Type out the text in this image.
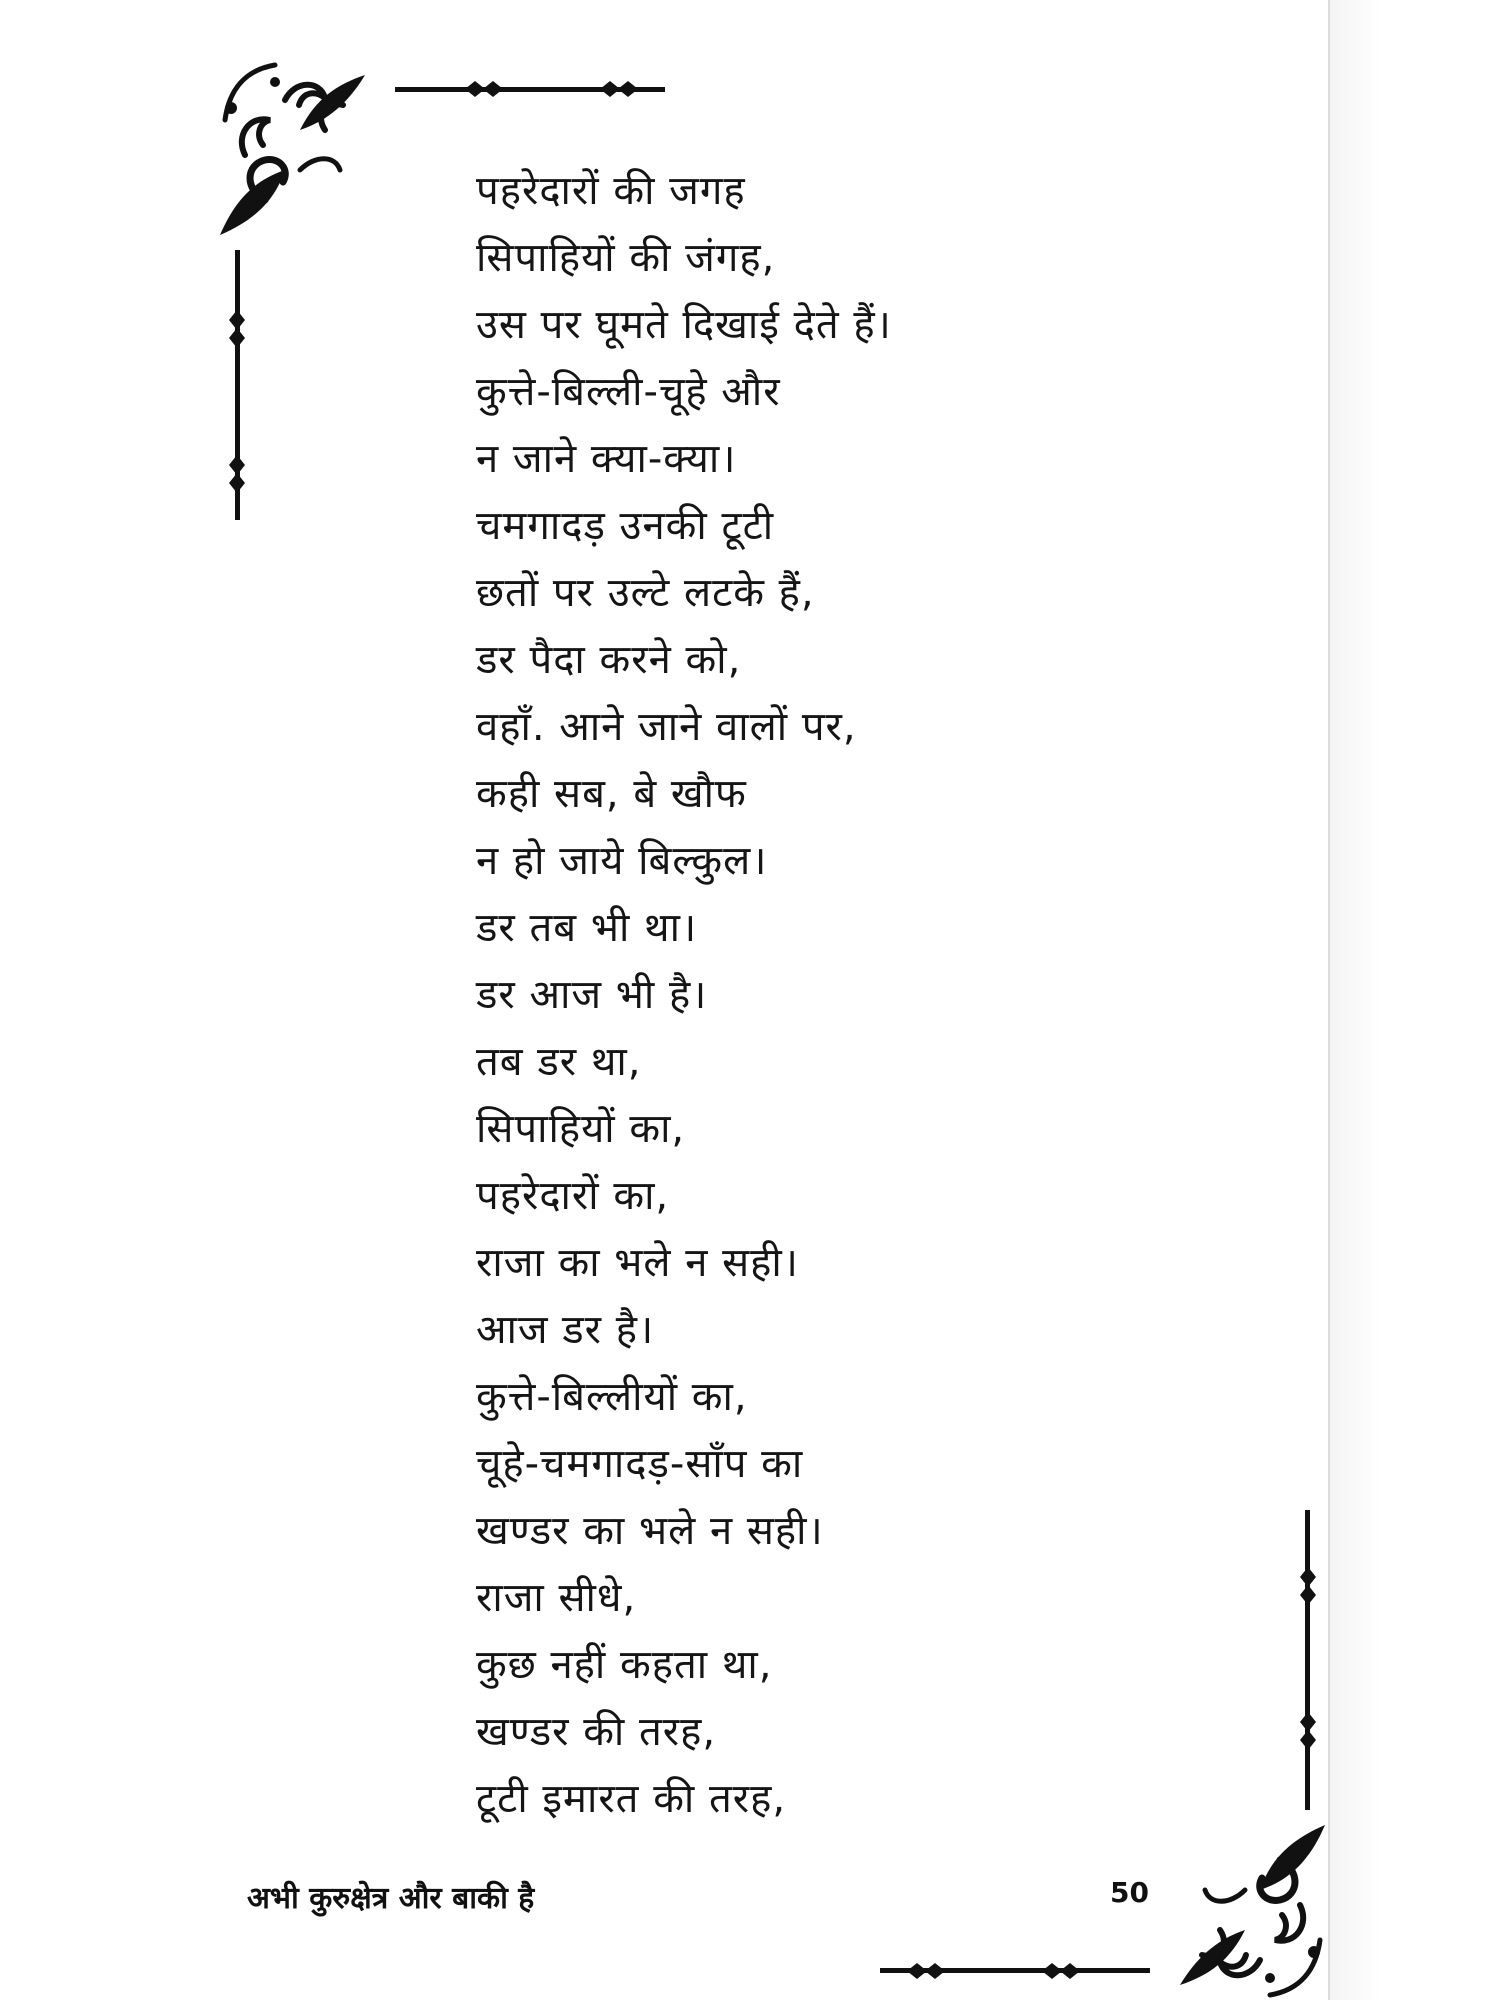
पहरेदारों की जगह
सिपाहियों की जंगह,
उस पर घूमते दिखाई देते हैं।
कुत्ते-बिल्ली-चूहे और
न जाने क्या-क्या।
चमगादड़ उनकी टूटी
छतों पर उल्टे लटके हैं,
डर पैदा करने को,
वहाँ. आने जाने वालों पर,
कही सब, बे खौफ
न हो जाये बिल्कुल।
डर तब भी था।
डर आज भी है।
तब डर था,
सिपाहियों का,
पहरेदारों का,
राजा का भले न सही।
आज डर है।
कुत्ते-बिल्लीयों का,
चूहे-चमगादड़-साँप का
खण्डर का भले न सही।
राजा सीधे,
कुछ नहीं कहता था,
खण्डर की तरह,
टूटी इमारत की तरह,
अभी कुरुक्षेत्र और बाकी है	50
